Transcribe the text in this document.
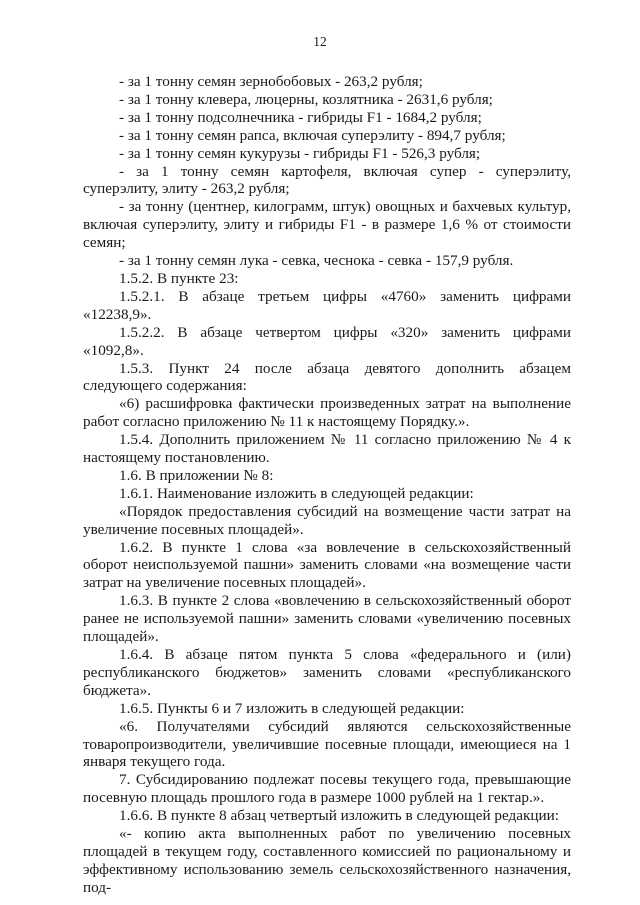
12

- за 1 тонну семян зернобобовых - 263,2 рубля;

- за 1 тонну клевера, люцерны, козлятника - 2631,6 рубля;

- за 1 тонну подсолнечника - гибриды F1 - 1684,2 рубля;

- за 1 тонну семян рапса, включая суперэлиту - 894,7 рубля;

- за 1 тонну семян кукурузы - гибриды F1 - 526,3 рубля;

- за 1 тонну семян картофеля, включая супер - суперэлиту, суперэлиту, элиту - 263,2 рубля;

- за тонну (центнер, килограмм, штук) овощных и бахчевых культур, включая суперэлиту, элиту и гибриды F1 - в размере 1,6 % от стоимости семян;

- за 1 тонну семян лука - севка, чеснока - севка - 157,9 рубля.

1.5.2. В пункте 23:

1.5.2.1. В абзаце третьем цифры «4760» заменить цифрами «12238,9».

1.5.2.2. В абзаце четвертом цифры «320» заменить цифрами «1092,8».

1.5.3. Пункт 24 после абзаца девятого дополнить абзацем следующего содержания:

«6) расшифровка фактически произведенных затрат на выполнение работ согласно приложению № 11 к настоящему Порядку.».

1.5.4. Дополнить приложением № 11 согласно приложению № 4 к настоящему постановлению.

1.6. В приложении № 8:

1.6.1. Наименование изложить в следующей редакции:

«Порядок предоставления субсидий на возмещение части затрат на увеличение посевных площадей».

1.6.2. В пункте 1 слова «за вовлечение в сельскохозяйственный оборот неиспользуемой пашни» заменить словами «на возмещение части затрат на увеличение посевных площадей».

1.6.3. В пункте 2 слова «вовлечению в сельскохозяйственный оборот ранее не используемой пашни» заменить словами «увеличению посевных площадей».

1.6.4. В абзаце пятом пункта 5 слова «федерального и (или) республиканского бюджетов» заменить словами «республиканского бюджета».

1.6.5. Пункты 6 и 7 изложить в следующей редакции:

«6. Получателями субсидий являются сельскохозяйственные товаропроизводители, увеличившие посевные площади, имеющиеся на 1 января текущего года.

7. Субсидированию подлежат посевы текущего года, превышающие посевную площадь прошлого года в размере 1000 рублей на 1 гектар.».

1.6.6. В пункте 8 абзац четвертый изложить в следующей редакции:

«- копию акта выполненных работ по увеличению посевных площадей в текущем году, составленного комиссией по рациональному и эффективному использованию земель сельскохозяйственного назначения, под-
